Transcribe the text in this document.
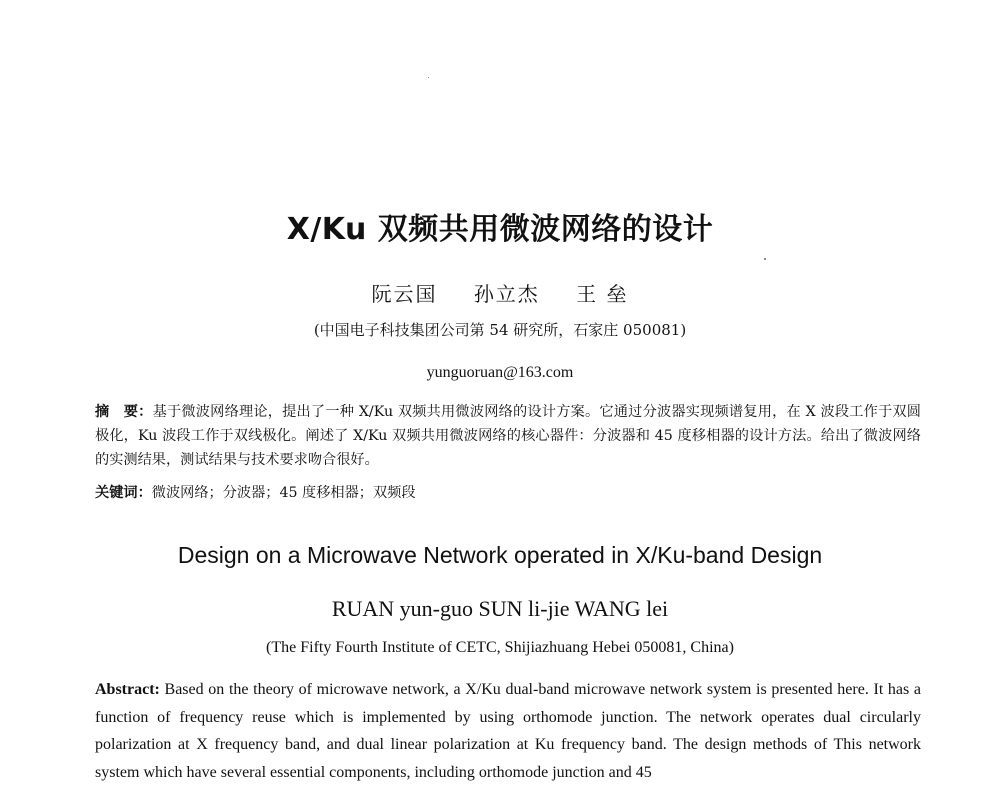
X/Ku 双频共用微波网络的设计
阮云国 孙立杰 王 垒
(中国电子科技集团公司第 54 研究所，石家庄 050081)
yunguoruan@163.com
摘　要：基于微波网络理论，提出了一种 X/Ku 双频共用微波网络的设计方案。它通过分波器实现频谱复用，在 X 波段工作于双圆极化，Ku 波段工作于双线极化。阐述了 X/Ku 双频共用微波网络的核心器件：分波器和 45 度移相器的设计方法。给出了微波网络的实测结果，测试结果与技术要求吻合很好。
关键词：微波网络；分波器；45 度移相器；双频段
Design on a Microwave Network operated in X/Ku-band Design
RUAN yun-guo SUN li-jie WANG lei
(The Fifty Fourth Institute of CETC, Shijiazhuang Hebei 050081, China)
Abstract: Based on the theory of microwave network, a X/Ku dual-band microwave network system is presented here. It has a function of frequency reuse which is implemented by using orthomode junction. The network operates dual circularly polarization at X frequency band, and dual linear polarization at Ku frequency band. The design methods of This network system which have several essential components, including orthomode junction and 45
